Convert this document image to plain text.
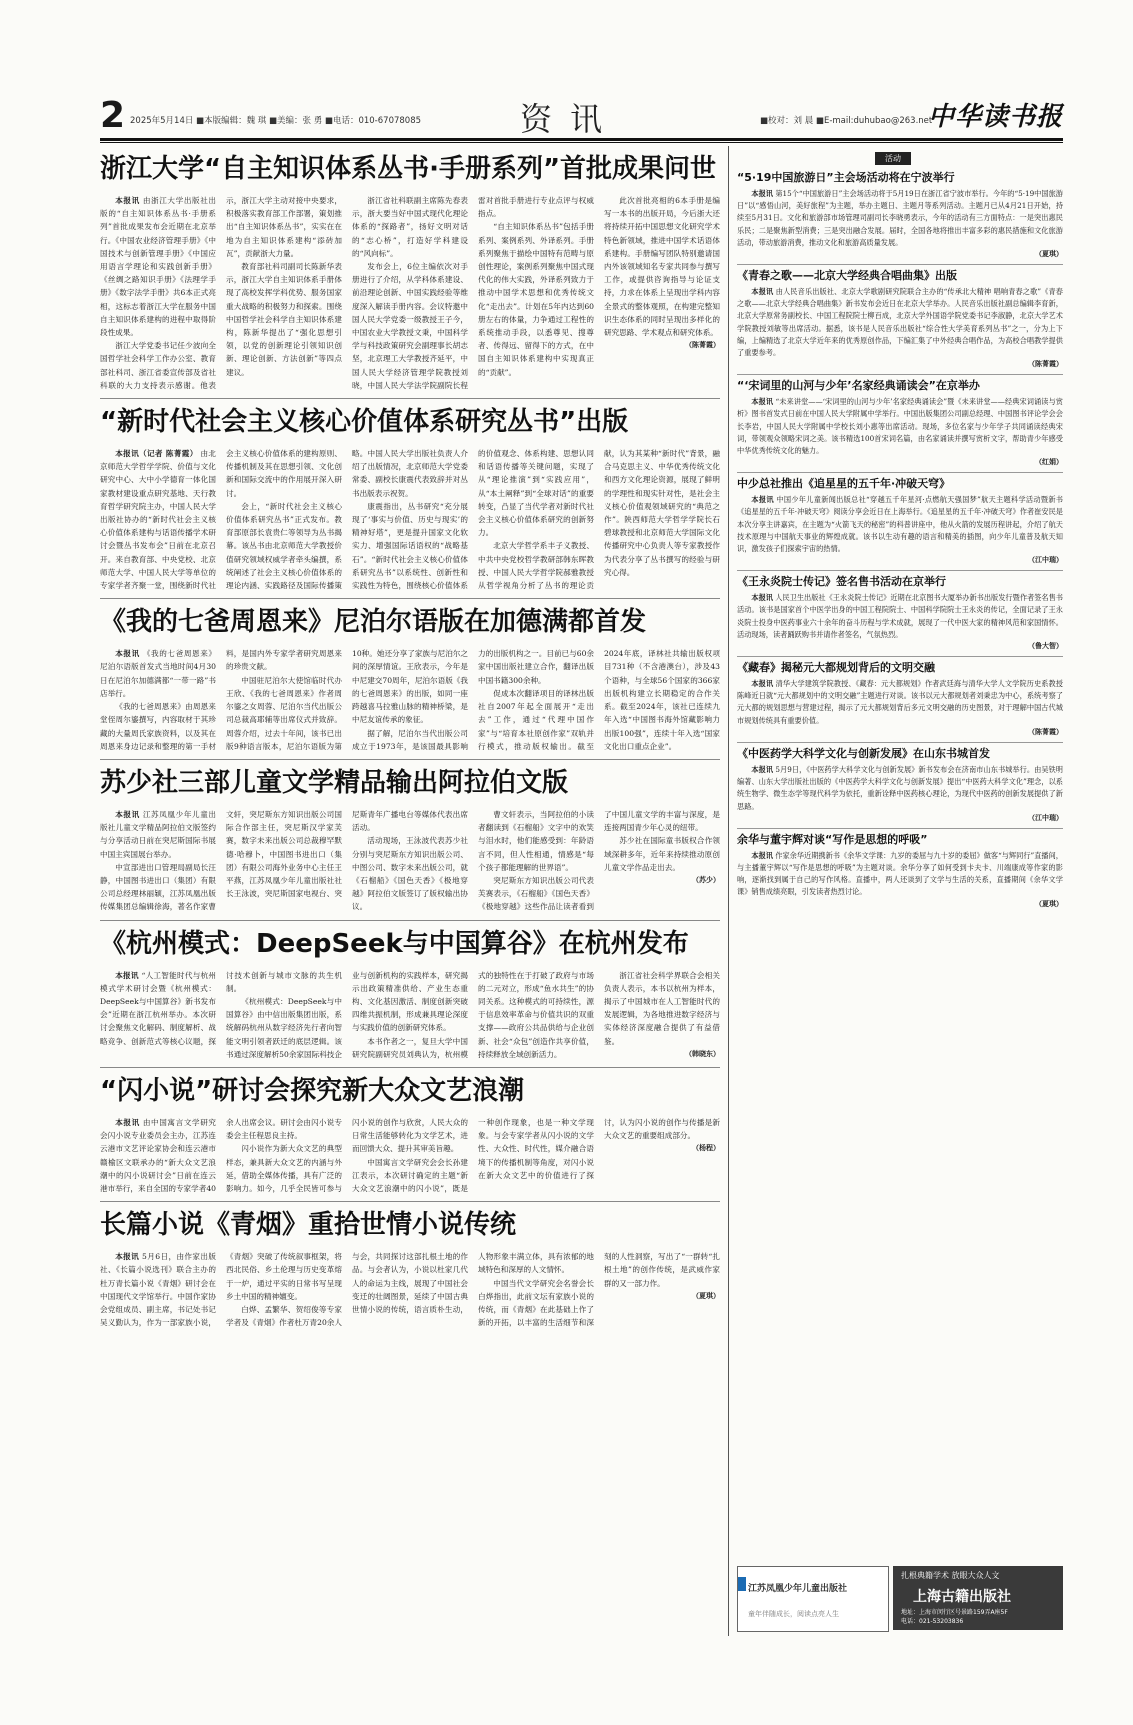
2 2025年5月14日 ■本版编辑：魏 琪 ■美编：张 勇 ■电话：010-67078085	资讯	■校对：刘 晨 ■E-mail:duhubao@263.net
中华读书报
浙江大学“自主知识体系丛书·手册系列”首批成果问世

本报讯 由浙江大学出版社出版的“自主知识体系丛书·手册系列”首批成果发布会近期在北京举行。《中国农业经济管理手册》《中国技术与创新管理手册》《中国应用语言学理论和实践创新手册》《丝绸之路知识手册》《法理学手册》《数字法学手册》共6本正式亮相，这标志着浙江大学在服务中国自主知识体系建构的进程中取得阶段性成果。

浙江大学党委书记任少波向全国哲学社会科学工作办公室、教育部社科司、浙江省委宣传部及省社科联的大力支持表示感谢。他表示，浙江大学主动对接中央要求，积极落实教育部工作部署，策划推出“自主知识体系丛书”，实实在在地为自主知识体系建构“添砖加瓦”，贡献浙大力量。

教育部社科司副司长陈新华表示，浙江大学自主知识体系手册体现了高校发挥学科优势、服务国家重大战略的积极努力和探索。围绕中国哲学社会科学自主知识体系建构，陈新华提出了“强化思想引领，以党的创新理论引领知识创新、理论创新、方法创新”等四点建议。

浙江省社科联副主席陈先春表示，浙大要当好中国式现代化理论体系的“探路者”，扬好文明对话的“志心桥”，打造好学科建设的“风向标”。

发布会上，6位主编依次对手册进行了介绍，从学科体系建设、前沿理论创新、中国实践经验等维度深入解读手册内容。会议特邀中国人民大学党委一级教授王子今，中国农业大学教授文秉，中国科学学与科技政策研究会副理事长胡志坚，北京理工大学教授齐延平，中国人民大学经济管理学院教授刘晓，中国人民大学法学院副院长程雷对首批手册进行专业点评与权威指点。

“自主知识体系丛书”包括手册系列、案例系列、外译系列。手册系列聚焦于描绘中国特有范畴与原创性理论，案例系列聚焦中国式现代化的伟大实践，外译系列致力于推动中国学术思想和优秀传统文化“走出去”。计划在5年内达到60册左右的体量，力争通过工程性的系统推动手段，以悉尊见、搜尊者、传得远、留得下的方式，在中国自主知识体系建构中实现真正的“贡献”。

此次首批亮相的6本手册是编写一本书的出版开局，今后浙大还将持续开拓中国思想文化研究学术特色新领域，推进中国学术话语体系建构。手册编写团队特别邀请国内外该领域知名专家共同参与撰写工作，或提供咨询指导与论证支持，力求在体系上呈现出学科内容全景式的整体观照，在构建完整知识生态体系的同时呈现出多样化的研究思路、学术观点和研究体系。
（陈菁霞）

“新时代社会主义核心价值体系研究丛书”出版

本报讯（记者 陈菁霞） 由北京师范大学哲学学院、价值与文化研究中心、大中小学德育一体化国家教材建设重点研究基地、天行教育哲学研究院主办，中国人民大学出版社协办的“新时代社会主义核心价值体系建构与话语传播学术研讨会暨丛书发布会”日前在北京召开。来自教育部、中央党校、北京师范大学、中国人民大学等单位的专家学者齐聚一堂，围绕新时代社会主义核心价值体系的建构原则、传播机制及其在思想引领、文化创新和国际交流中的作用展开深入研讨。

会上，“新时代社会主义核心价值体系研究丛书”正式发布。教育部原部长袁贵仁等领导为丛书揭幕。该丛书由北京师范大学教授价值研究领域权威学者牵头编撰，系统阐述了社会主义核心价值体系的理论内涵、实践路径及国际传播策略。中国人民大学出版社负责人介绍了出版情况，北京师范大学党委常委、副校长康震代表致辞并对丛书出版表示祝贺。

康震指出，丛书研究“充分展现了‘事实与价值、历史与现实’的精神好塔”，更是提升国家文化软实力、增强国际话语权的“战略基石”。“新时代社会主义核心价值体系研究丛书”以系统性、创新性和实践性为特色，围绕核心价值体系的价值观念、体系构建、思想认同和话语传播等关键问题，实现了从“理论推演”到“实践应用”，从“本土阐释”到“全球对话”的重要转变，凸显了当代学者对新时代社会主义核心价值体系研究的创新努力。

北京大学哲学系丰子义教授、中共中央党校哲学教研部韩东晖教授、中国人民大学哲学院郝雅教授从哲学视角分析了丛书的理论贡献，认为其某种“新时代”背景，融合马克思主义、中华优秀传统文化和西方文化理论资源，展现了鲜明的学理性和现实针对性，是社会主义核心价值观领域研究的“典范之作”。陕西师范大学哲学学院长石碧球教授和北京师范大学国际文化传播研究中心负责人等专家教授作为代表分享了丛书撰写的经验与研究心得。

《我的七爸周恩来》尼泊尔语版在加德满都首发

本报讯 《我的七爸周恩来》尼泊尔语版首发式当地时间4月30日在尼泊尔加德满都“一带一路”书店举行。

《我的七爸周恩来》由周恩来堂侄周尔鎏撰写，内容取材于其珍藏的大量周氏家族资料，以及其在周恩来身边记录和整理的第一手材料，是国内外专家学者研究周恩来的珍贵文献。

中国驻尼泊尔大使馆临时代办王欣、《我的七爸周恩来》作者周尔鎏之女周蓉、尼泊尔当代出版公司总裁高耶辅等出席仪式并致辞。周蓉介绍，过去十年间，该书已出版9种语言版本，尼泊尔语版为第10种。她还分享了家族与尼泊尔之间的深厚情谊。王欣表示，今年是中尼建交70周年，尼泊尔语版《我的七爸周恩来》的出版，如同一座跨越喜马拉雅山脉的精神桥梁，是中尼友谊传承的象征。

据了解，尼泊尔当代出版公司成立于1973年，是该国最具影响力的出版机构之一。目前已与60余家中国出版社建立合作，翻译出版中国书籍300余种。

促成本次翻译项目的译林出版社自2007年起全面展开“走出去”工作，通过“代理中国作家”与“培育本社原创作家”双轨并行模式，推动版权输出。截至2024年底，译林社共输出版权项目731种（不含港澳台），涉及43个语种，与全球56个国家的366家出版机构建立长期稳定的合作关系。截至2024年，该社已连续九年入选“中国图书海外馆藏影响力出版100强”，连续十年入选“国家文化出口重点企业”。

苏少社三部儿童文学精品输出阿拉伯文版

本报讯 江苏凤凰少年儿童出版社儿童文学精品阿拉伯文版签约与分享活动日前在突尼斯国际书展中国主宾国展台举办。

中宣部进出口管理局副局长汪静，中国图书进出口（集团）有限公司总经理林丽颖，江苏凤凰出版传媒集团总编辑徐海，著名作家曹文轩，突尼斯东方知识出版公司国际合作部主任，突尼斯汉学家芙赛，数字未来出版公司总裁穆罕默德·哈穆卜，中国图书进出口（集团）有限公司海外业务中心主任王平燕，江苏凤凰少年儿童出版社社长王泳波，突尼斯国家电视台、突尼斯青年广播电台等媒体代表出席活动。

活动现场，王泳波代表苏少社分别与突尼斯东方知识出版公司、中图公司、数字未来出版公司，就《石榴船》《国色天香》《极地穿越》阿拉伯文版签订了版权输出协议。

曹文轩表示，当阿拉伯的小读者翻读到《石榴船》文字中的欢笑与泪水时，他们能感受到：年龄语言不同，但人性相通，情感是“每个孩子都能理解的世界语”。

突尼斯东方知识出版公司代表芙赛表示，《石榴船》《国色天香》《极地穿越》这些作品让读者看到了中国儿童文学的丰富与深度，是连接两国青少年心灵的纽带。

苏少社在国际童书版权合作领域深耕多年，近年来持续推动原创儿童文学作品走出去。
（苏少）

《杭州模式：DeepSeek与中国算谷》在杭州发布

本报讯 “人工智能时代与杭州模式学术研讨会暨《杭州模式：DeepSeek与中国算谷》新书发布会”近期在浙江杭州举办。本次研讨会聚焦文化解码、制度解析、战略竞争、创新范式等核心议题，探讨技术创新与城市文脉的共生机制。

《杭州模式：DeepSeek与中国算谷》由中信出版集团出版，系统解码杭州从数字经济先行者向智能文明引领者跃迁的底层逻辑。该书通过深度解析50余家国际科技企业与创新机构的实践样本，研究揭示出政策精准供给、产业生态重构、文化基因激活、制度创新突破四维共振机制，形成兼具理论深度与实践价值的创新研究体系。

本书作者之一，复旦大学中国研究院副研究员刘典认为，杭州模式的独特性在于打破了政府与市场的二元对立，形成“鱼水共生”的协同关系。这种模式的可持续性，源于信息效率革命与价值共识的双重支撑——政府公共品供给与企业创新、社会“众包”创造作共享价值，持续释放全域创新活力。

浙江省社会科学界联合会相关负责人表示，本书以杭州为样本，揭示了中国城市在人工智能时代的发展逻辑，为各地推进数字经济与实体经济深度融合提供了有益借鉴。
（韩晓东）

“闪小说”研讨会探究新大众文艺浪潮

本报讯 由中国寓言文学研究会闪小说专业委员会主办，江苏连云港市文艺评论家协会和连云港市赣榆区文联承办的“新大众文艺浪潮中的闪小说研讨会”日前在连云港市举行，来自全国的专家学者40余人出席会议。研讨会由闪小说专委会主任程思良主持。

闪小说作为新大众文艺的典型样态，兼具新大众文艺的内涵与外延，借助全媒体传播，具有广泛的影响力。如今，几乎全民皆可参与闪小说的创作与欣赏，人民大众的日常生活能够转化为文学艺术，进而回馈大众、提升其审美旨趣。

中国寓言文学研究会会长孙建江表示，本次研讨确定的主题“新大众文艺浪潮中的闪小说”，既是一种创作现象，也是一种文学现象。与会专家学者从闪小说的文学性、大众性、时代性，媒介融合语境下的传播机制等角度，对闪小说在新大众文艺中的价值进行了探讨，认为闪小说的创作与传播是新大众文艺的重要组成部分。
（杨程）

长篇小说《青烟》重拾世情小说传统

本报讯 5月6日，由作家出版社、《长篇小说选刊》联合主办的杜万青长篇小说《青烟》研讨会在中国现代文学馆举行。中国作家协会党组成员、副主席，书记处书记吴义勤认为，作为一部家族小说，《青烟》突破了传统叙事框架，将西北民俗、乡土伦理与历史变革熔于一炉，通过平实的日常书写呈现乡土中国的精神嬗变。

白烨、孟繁华、贺绍俊等专家学者及《青烟》作者杜万青20余人与会，共同探讨这部扎根土地的作品。与会者认为，小说以杜家几代人的命运为主线，展现了中国社会变迁的壮阔图景，延续了中国古典世情小说的传统，语言质朴生动，人物形象丰满立体，具有浓郁的地域特色和深厚的人文情怀。

中国当代文学研究会名誉会长白烨指出，此前文坛有家族小说的传统，而《青烟》在此基础上作了新的开拓，以丰富的生活细节和深刻的人性洞察，写出了“一群转“扎根土地”的创作传统，是武威作家群的又一部力作。
（夏琪）

活动
“5·19中国旅游日”主会场活动将在宁波举行

本报讯 第15个“中国旅游日”主会场活动将于5月19日在浙江省宁波市举行。今年的“5·19中国旅游日”以“感悟山河，美好旅程”为主题，举办主题日、主题月等系列活动。主题月已从4月21日开始，持续至5月31日。文化和旅游部市场管理司副司长李晓勇表示，今年的活动有三方面特点：一是突出惠民乐民；二是聚焦新型消费；三是突出融合发展。届时，全国各地将推出丰富多彩的惠民措施和文化旅游活动，带动旅游消费，推动文化和旅游高质量发展。

（夏琪）
《青春之歌——北京大学经典合唱曲集》出版

本报讯 由人民音乐出版社、北京大学歌剧研究院联合主办的“传承北大精神 唱响青春之歌”《青春之歌——北京大学经典合唱曲集》新书发布会近日在北京大学举办。人民音乐出版社副总编辑李育新，北京大学原常务副校长、中国工程院院士柳百成，北京大学外国语学院党委书记李淑静，北京大学艺术学院教授刘敏等出席活动。据悉，该书是人民音乐出版社“综合性大学美育系列丛书”之一，分为上下编，上编精选了北京大学近年来的优秀原创作品，下编汇集了中外经典合唱作品，为高校合唱教学提供了重要参考。

（陈菁霞）
“‘宋词里的山河与少年’名家经典诵读会”在京举办

本报讯 “未来讲堂——‘宋词里的山河与少年’名家经典诵读会”暨《未来讲堂——经典宋词诵读与赏析》图书首发式日前在中国人民大学附属中学举行。中国出版集团公司副总经理、中国图书评论学会会长李岩，中国人民大学附属中学校长刘小惠等出席活动。现场，多位名家与少年学子共同诵读经典宋词，带领观众领略宋词之美。该书精选100首宋词名篇，由名家诵读并撰写赏析文字，帮助青少年感受中华优秀传统文化的魅力。

（红娟）
中少总社推出《追星星的五千年·冲破天穹》

本报讯 中国少年儿童新闻出版总社“穿越五千年星河·点燃航天强国梦”航天主题科学活动暨新书《追星星的五千年·冲破天穹》阅读分享会近日在上海举行。《追星星的五千年·冲破天穹》作者崔安民是本次分享主讲嘉宾，在主题为“火箭飞天的秘密”的科普讲座中，他从火箭的发展历程讲起，介绍了航天技术原理与中国航天事业的辉煌成就。该书以生动有趣的语言和精美的插图，向少年儿童普及航天知识，激发孩子们探索宇宙的热情。

（江中瑞）
《王永炎院士传记》签名售书活动在京举行

本报讯 人民卫生出版社《王永炎院士传记》近期在北京图书大厦举办新书出版发行暨作者签名售书活动。该书是国家首个中医学出身的中国工程院院士、中国科学院院士王永炎的传记，全面记录了王永炎院士投身中医药事业六十余年的奋斗历程与学术成就，展现了一代中医大家的精神风范和家国情怀。活动现场，读者踊跃购书并请作者签名，气氛热烈。

（鲁大智）
《藏春》揭秘元大都规划背后的文明交融

本报讯 清华大学建筑学院教授、《藏春：元大都规划》作者武廷海与清华大学人文学院历史系教授陈峰近日就“元大都规划中的文明交融”主题进行对谈。该书以元大都规划者刘秉忠为中心，系统考察了元大都的规划思想与营建过程，揭示了元大都规划背后多元文明交融的历史图景，对于理解中国古代城市规划传统具有重要价值。

（陈菁霞）
《中医药学大科学文化与创新发展》在山东书城首发

本报讯 5月9日，《中医药学大科学文化与创新发展》新书发布会在济南市山东书城举行。由吴铁明编著、山东大学出版社出版的《中医药学大科学文化与创新发展》提出“中医药大科学文化”理念，以系统生物学、微生态学等现代科学为依托，重新诠释中医药核心理论，为现代中医药的创新发展提供了新思路。

（江中瑞）
余华与董宇辉对谈“写作是思想的呼吸”

本报讯 作家余华近期携新书《余华文学课：九岁的委屈与九十岁的委屈》做客“与辉同行”直播间，与主播董宇辉以“写作是思想的呼吸”为主题对谈。余华分享了如何受到卡夫卡、川端康成等作家的影响，逐渐找到属于自己的写作风格。直播中，两人还谈到了文学与生活的关系，直播期间《余华文学课》销售成绩亮眼，引发读者热烈讨论。

（夏琪）
江苏凤凰少年儿童出版社
童年伴随成长，阅读点亮人生
扎根典籍学术 放眼大众人文
上海古籍出版社
地址：上海市闵行区号景路159弄A座5F
电话：021-53203836
